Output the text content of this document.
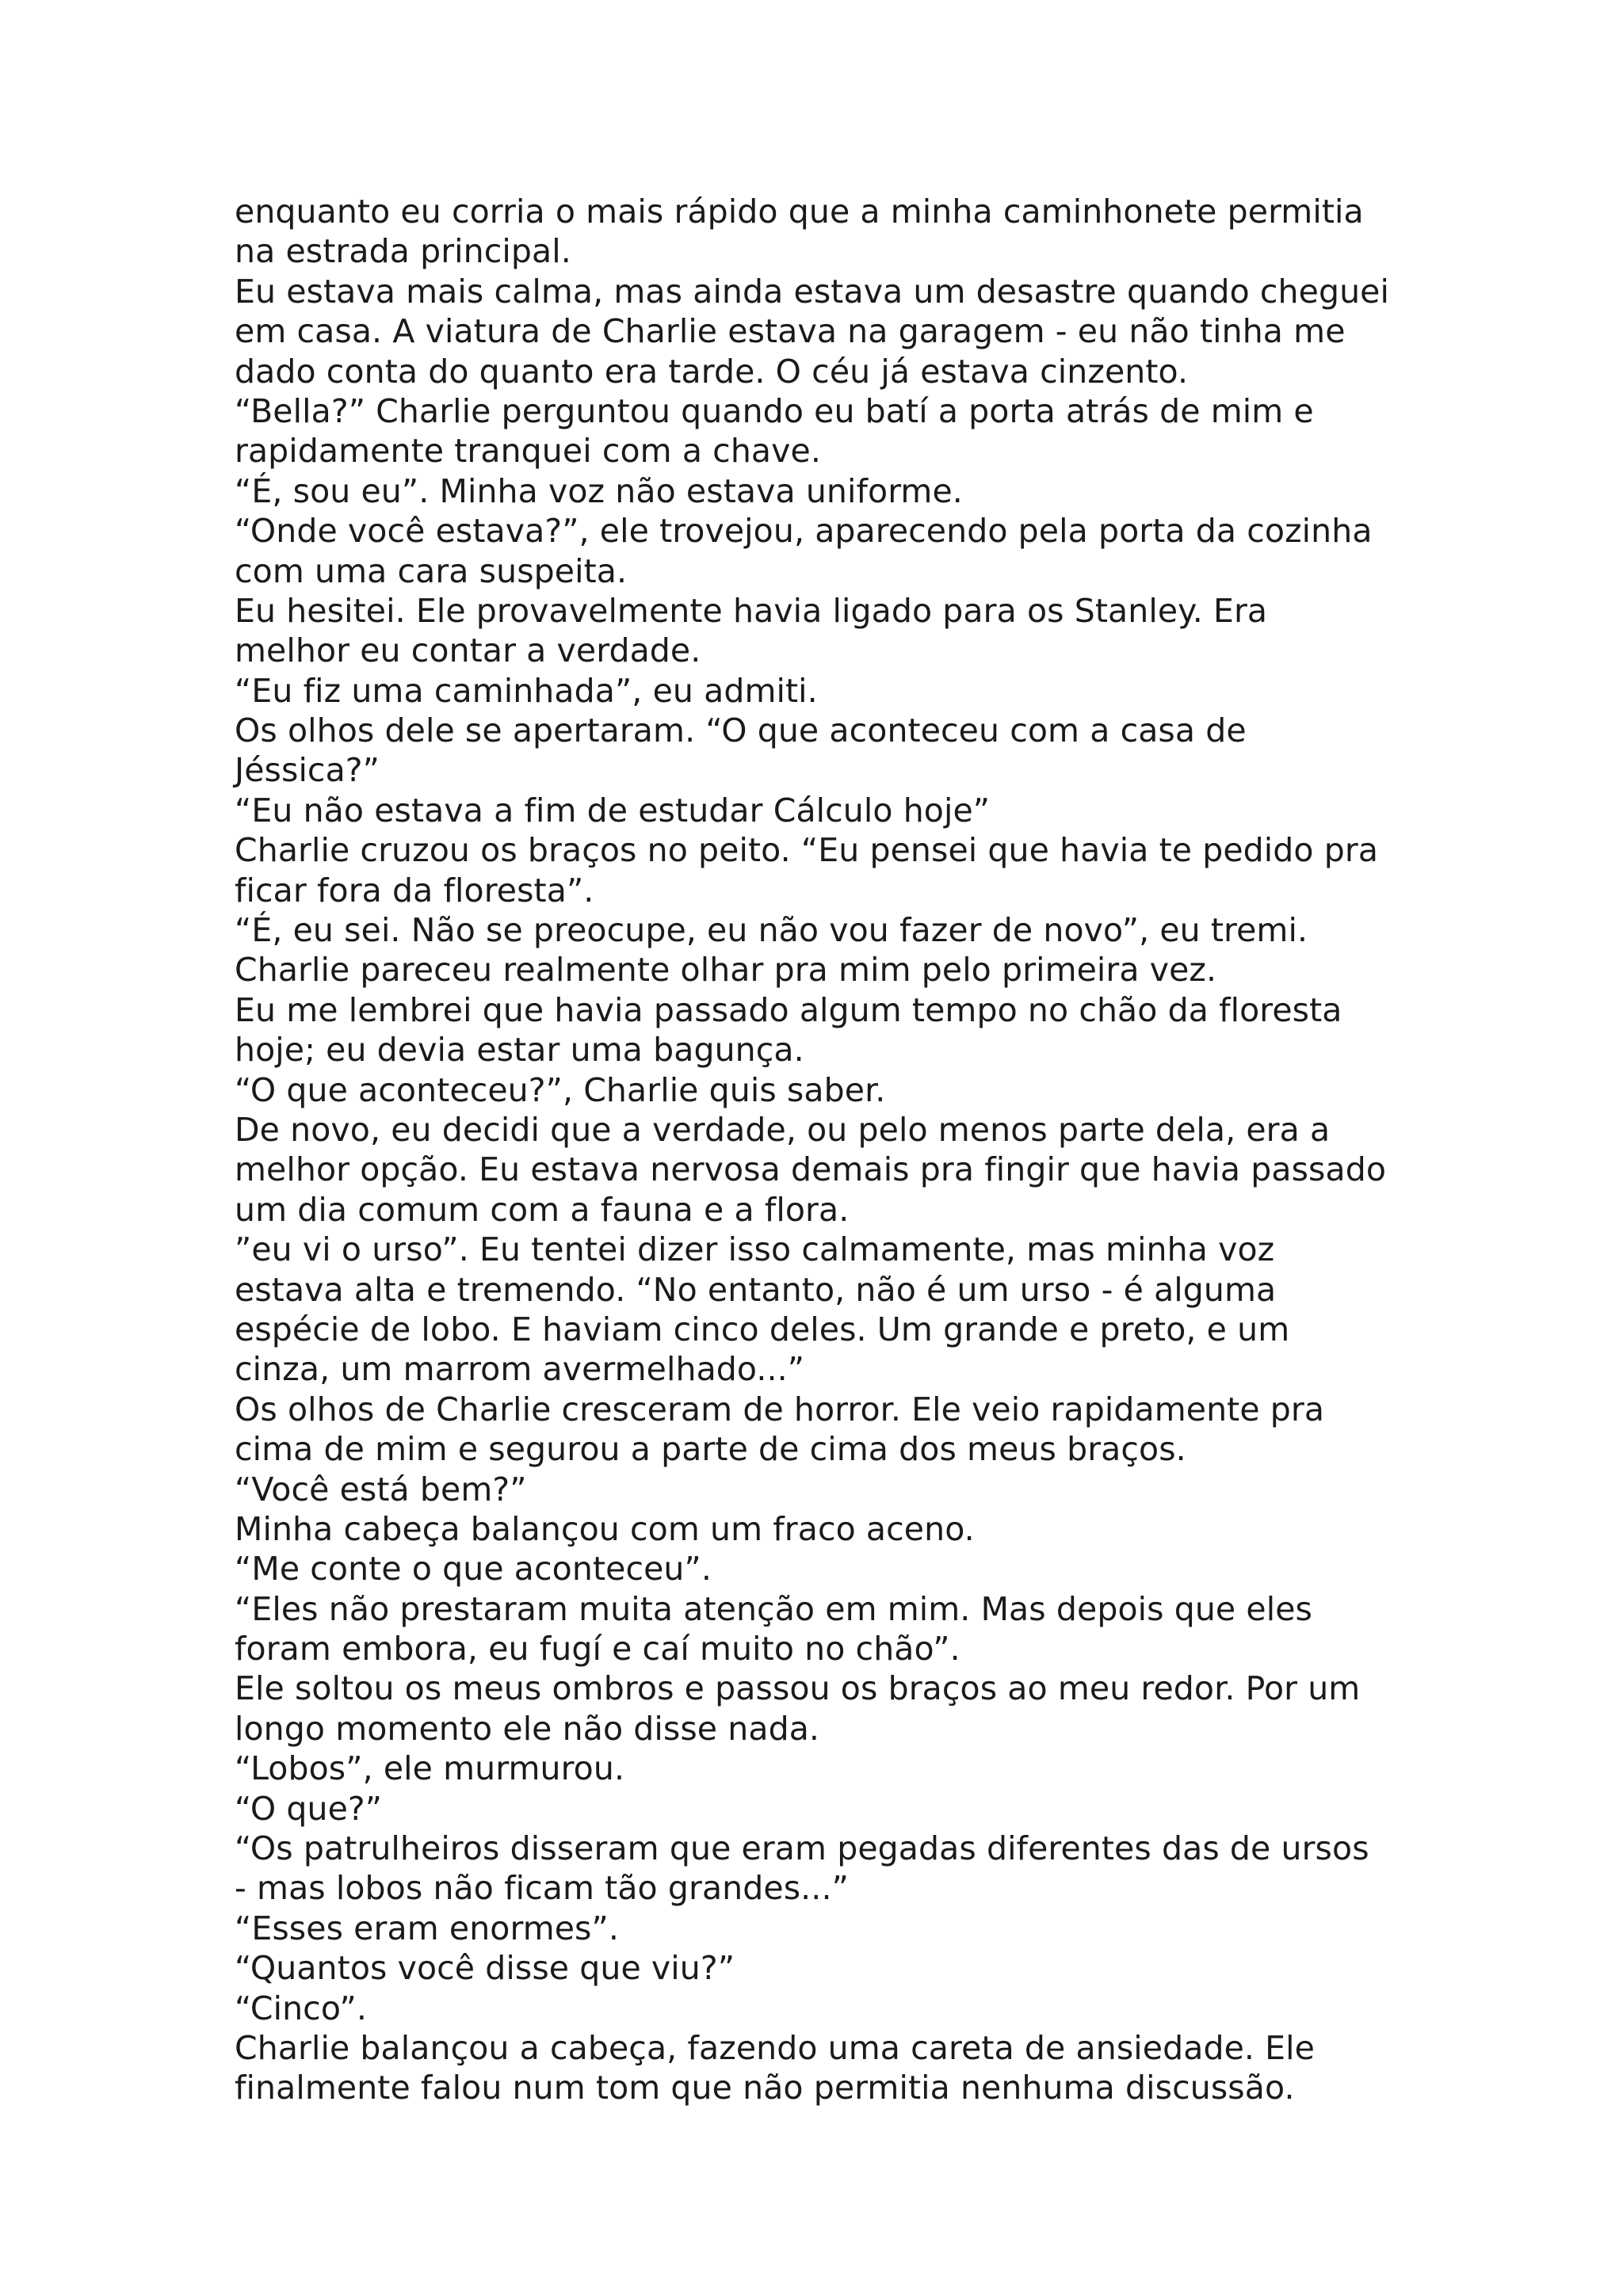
enquanto eu corria o mais rápido que a minha caminhonete permitia
na estrada principal.
Eu estava mais calma, mas ainda estava um desastre quando cheguei
em casa. A viatura de Charlie estava na garagem - eu não tinha me
dado conta do quanto era tarde. O céu já estava cinzento.
“Bella?” Charlie perguntou quando eu batí a porta atrás de mim e
rapidamente tranquei com a chave.
“É, sou eu”. Minha voz não estava uniforme.
“Onde você estava?”, ele trovejou, aparecendo pela porta da cozinha
com uma cara suspeita.
Eu hesitei. Ele provavelmente havia ligado para os Stanley. Era
melhor eu contar a verdade.
“Eu fiz uma caminhada”, eu admiti.
Os olhos dele se apertaram. “O que aconteceu com a casa de
Jéssica?”
“Eu não estava a fim de estudar Cálculo hoje”
Charlie cruzou os braços no peito. “Eu pensei que havia te pedido pra
ficar fora da floresta”.
“É, eu sei. Não se preocupe, eu não vou fazer de novo”, eu tremi.
Charlie pareceu realmente olhar pra mim pelo primeira vez.
Eu me lembrei que havia passado algum tempo no chão da floresta
hoje; eu devia estar uma bagunça.
“O que aconteceu?”, Charlie quis saber.
De novo, eu decidi que a verdade, ou pelo menos parte dela, era a
melhor opção. Eu estava nervosa demais pra fingir que havia passado
um dia comum com a fauna e a flora.
”eu vi o urso”. Eu tentei dizer isso calmamente, mas minha voz
estava alta e tremendo. “No entanto, não é um urso - é alguma
espécie de lobo. E haviam cinco deles. Um grande e preto, e um
cinza, um marrom avermelhado...”
Os olhos de Charlie cresceram de horror. Ele veio rapidamente pra
cima de mim e segurou a parte de cima dos meus braços.
“Você está bem?”
Minha cabeça balançou com um fraco aceno.
“Me conte o que aconteceu”.
“Eles não prestaram muita atenção em mim. Mas depois que eles
foram embora, eu fugí e caí muito no chão”.
Ele soltou os meus ombros e passou os braços ao meu redor. Por um
longo momento ele não disse nada.
“Lobos”, ele murmurou.
“O que?”
“Os patrulheiros disseram que eram pegadas diferentes das de ursos
- mas lobos não ficam tão grandes...”
“Esses eram enormes”.
“Quantos você disse que viu?”
“Cinco”.
Charlie balançou a cabeça, fazendo uma careta de ansiedade. Ele
finalmente falou num tom que não permitia nenhuma discussão.
